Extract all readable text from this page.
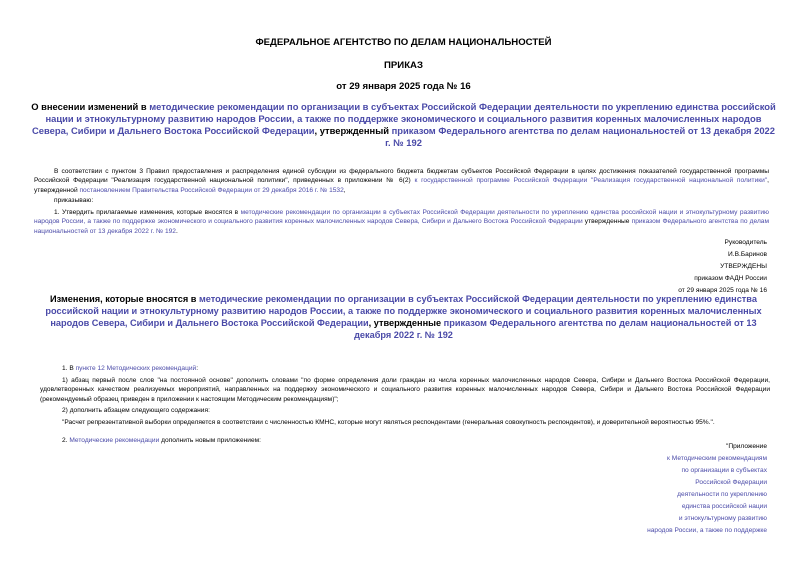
ФЕДЕРАЛЬНОЕ АГЕНТСТВО ПО ДЕЛАМ НАЦИОНАЛЬНОСТЕЙ
ПРИКАЗ
от 29 января 2025 года № 16
О внесении изменений в методические рекомендации по организации в субъектах Российской Федерации деятельности по укреплению единства российской нации и этнокультурному развитию народов России, а также по поддержке экономического и социального развития коренных малочисленных народов Севера, Сибири и Дальнего Востока Российской Федерации, утвержденный приказом Федерального агентства по делам национальностей от 13 декабря 2022 г. № 192
В соответствии с пунктом 3 Правил предоставления и распределения единой субсидии из федерального бюджета бюджетам субъектов Российской Федерации в целях достижения показателей государственной программы Российской Федерации "Реализация государственной национальной политики", приведенных в приложении № 6(2) к государственной программе Российской Федерации "Реализация государственной национальной политики", утвержденной постановлением Правительства Российской Федерации от 29 декабря 2016 г. № 1532,
приказываю:
1. Утвердить прилагаемые изменения, которые вносятся в методические рекомендации по организации в субъектах Российской Федерации деятельности по укреплению единства российской нации и этнокультурному развитию народов России, а также по поддержке экономического и социального развития коренных малочисленных народов Севера, Сибири и Дальнего Востока Российской Федерации утвержденные приказом Федерального агентства по делам национальностей от 13 декабря 2022 г. № 192.
Руководитель
И.В.Баринов
УТВЕРЖДЕНЫ
приказом ФАДН России
от 29 января 2025 года № 16
Изменения, которые вносятся в методические рекомендации по организации в субъектах Российской Федерации деятельности по укреплению единства российской нации и этнокультурному развитию народов России, а также по поддержке экономического и социального развития коренных малочисленных народов Севера, Сибири и Дальнего Востока Российской Федерации, утвержденные приказом Федерального агентства по делам национальностей от 13 декабря 2022 г. № 192
1. В пункте 12 Методических рекомендаций:
1) абзац первый после слов "на постоянной основе" дополнить словами "по форме определения доли граждан из числа коренных малочисленных народов Севера, Сибири и Дальнего Востока Российской Федерации, удовлетворенных качеством реализуемых мероприятий, направленных на поддержку экономического и социального развития коренных малочисленных народов Севера, Сибири и Дальнего Востока Российской Федерации (рекомендуемый образец приведен в приложении к настоящим Методическим рекомендациям)";
2) дополнить абзацем следующего содержания:
"Расчет репрезентативной выборки определяется в соответствии с численностью КМНС, которые могут являться респондентами (генеральная совокупность респондентов), и доверительной вероятностью 95%.".
2. Методические рекомендации дополнить новым приложением:
"Приложение
к Методическим рекомендациям
по организации в субъектах
Российской Федерации
деятельности по укреплению
единства российской нации
и этнокультурному развитию
народов России, а также по поддержке
